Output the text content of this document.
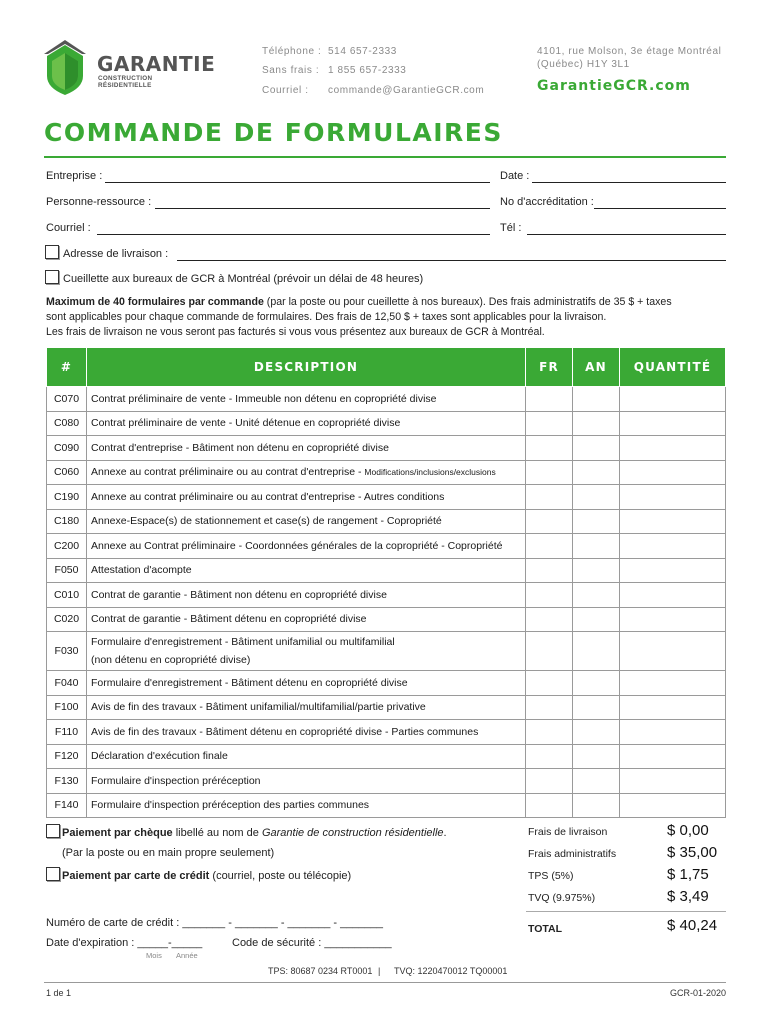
GARANTIE
CONSTRUCTION RÉSIDENTIELLE
Téléphone : 514 657-2333
Sans frais : 1 855 657-2333
Courriel : commande@GarantieGCR.com
4101, rue Molson, 3e étage Montréal
(Québec) H1Y 3L1
GarantieGCR.com
COMMANDE DE FORMULAIRES
Entreprise :	Date :
Personne-ressource :	No d'accréditation :
Courriel :	Tél :
Adresse de livraison :
Cueillette aux bureaux de GCR à Montréal (prévoir un délai de 48 heures)
Maximum de 40 formulaires par commande (par la poste ou pour cueillette à nos bureaux). Des frais administratifs de 35 $ + taxes
sont applicables pour chaque commande de formulaires. Des frais de 12,50 $ + taxes sont applicables pour la livraison.
Les frais de livraison ne vous seront pas facturés si vous vous présentez aux bureaux de GCR à Montréal.
#	DESCRIPTION	FR	AN	QUANTITÉ
C070	Contrat préliminaire de vente - Immeuble non détenu en copropriété divise			
C080	Contrat préliminaire de vente - Unité détenue en copropriété divise			
C090	Contrat d'entreprise - Bâtiment non détenu en copropriété divise			
C060	Annexe au contrat préliminaire ou au contrat d'entreprise - Modifications/inclusions/exclusions			
C190	Annexe au contrat préliminaire ou au contrat d'entreprise - Autres conditions			
C180	Annexe-Espace(s) de stationnement et case(s) de rangement - Copropriété			
C200	Annexe au Contrat préliminaire - Coordonnées générales de la copropriété - Copropriété			
F050	Attestation d'acompte			
C010	Contrat de garantie - Bâtiment non détenu en copropriété divise			
C020	Contrat de garantie - Bâtiment détenu en copropriété divise			
F030	Formulaire d'enregistrement - Bâtiment unifamilial ou multifamilial
(non détenu en copropriété divise)			

F040	Formulaire d'enregistrement - Bâtiment détenu en copropriété divise			
F100	Avis de fin des travaux - Bâtiment unifamilial/multifamilial/partie privative			
F110	Avis de fin des travaux - Bâtiment détenu en copropriété divise - Parties communes			
F120	Déclaration d'exécution finale			
F130	Formulaire d'inspection préréception			
F140	Formulaire d'inspection préréception des parties communes			
Paiement par chèque libellé au nom de Garantie de construction résidentielle.
(Par la poste ou en main propre seulement)
Paiement par carte de crédit (courriel, poste ou télécopie)
Numéro de carte de crédit : _______ - _______ - _______ - _______
Date d'expiration : _____-_____	Code de sécurité : ___________
Mois Année
Frais de livraison	$ 0,00
Frais administratifs	$ 35,00
TPS (5%)	$ 1,75
TVQ (9.975%)	$ 3,49
TOTAL	$ 40,24
TPS: 80687 0234 RT0001 | TVQ: 1220470012 TQ00001
1 de 1	GCR-01-2020
